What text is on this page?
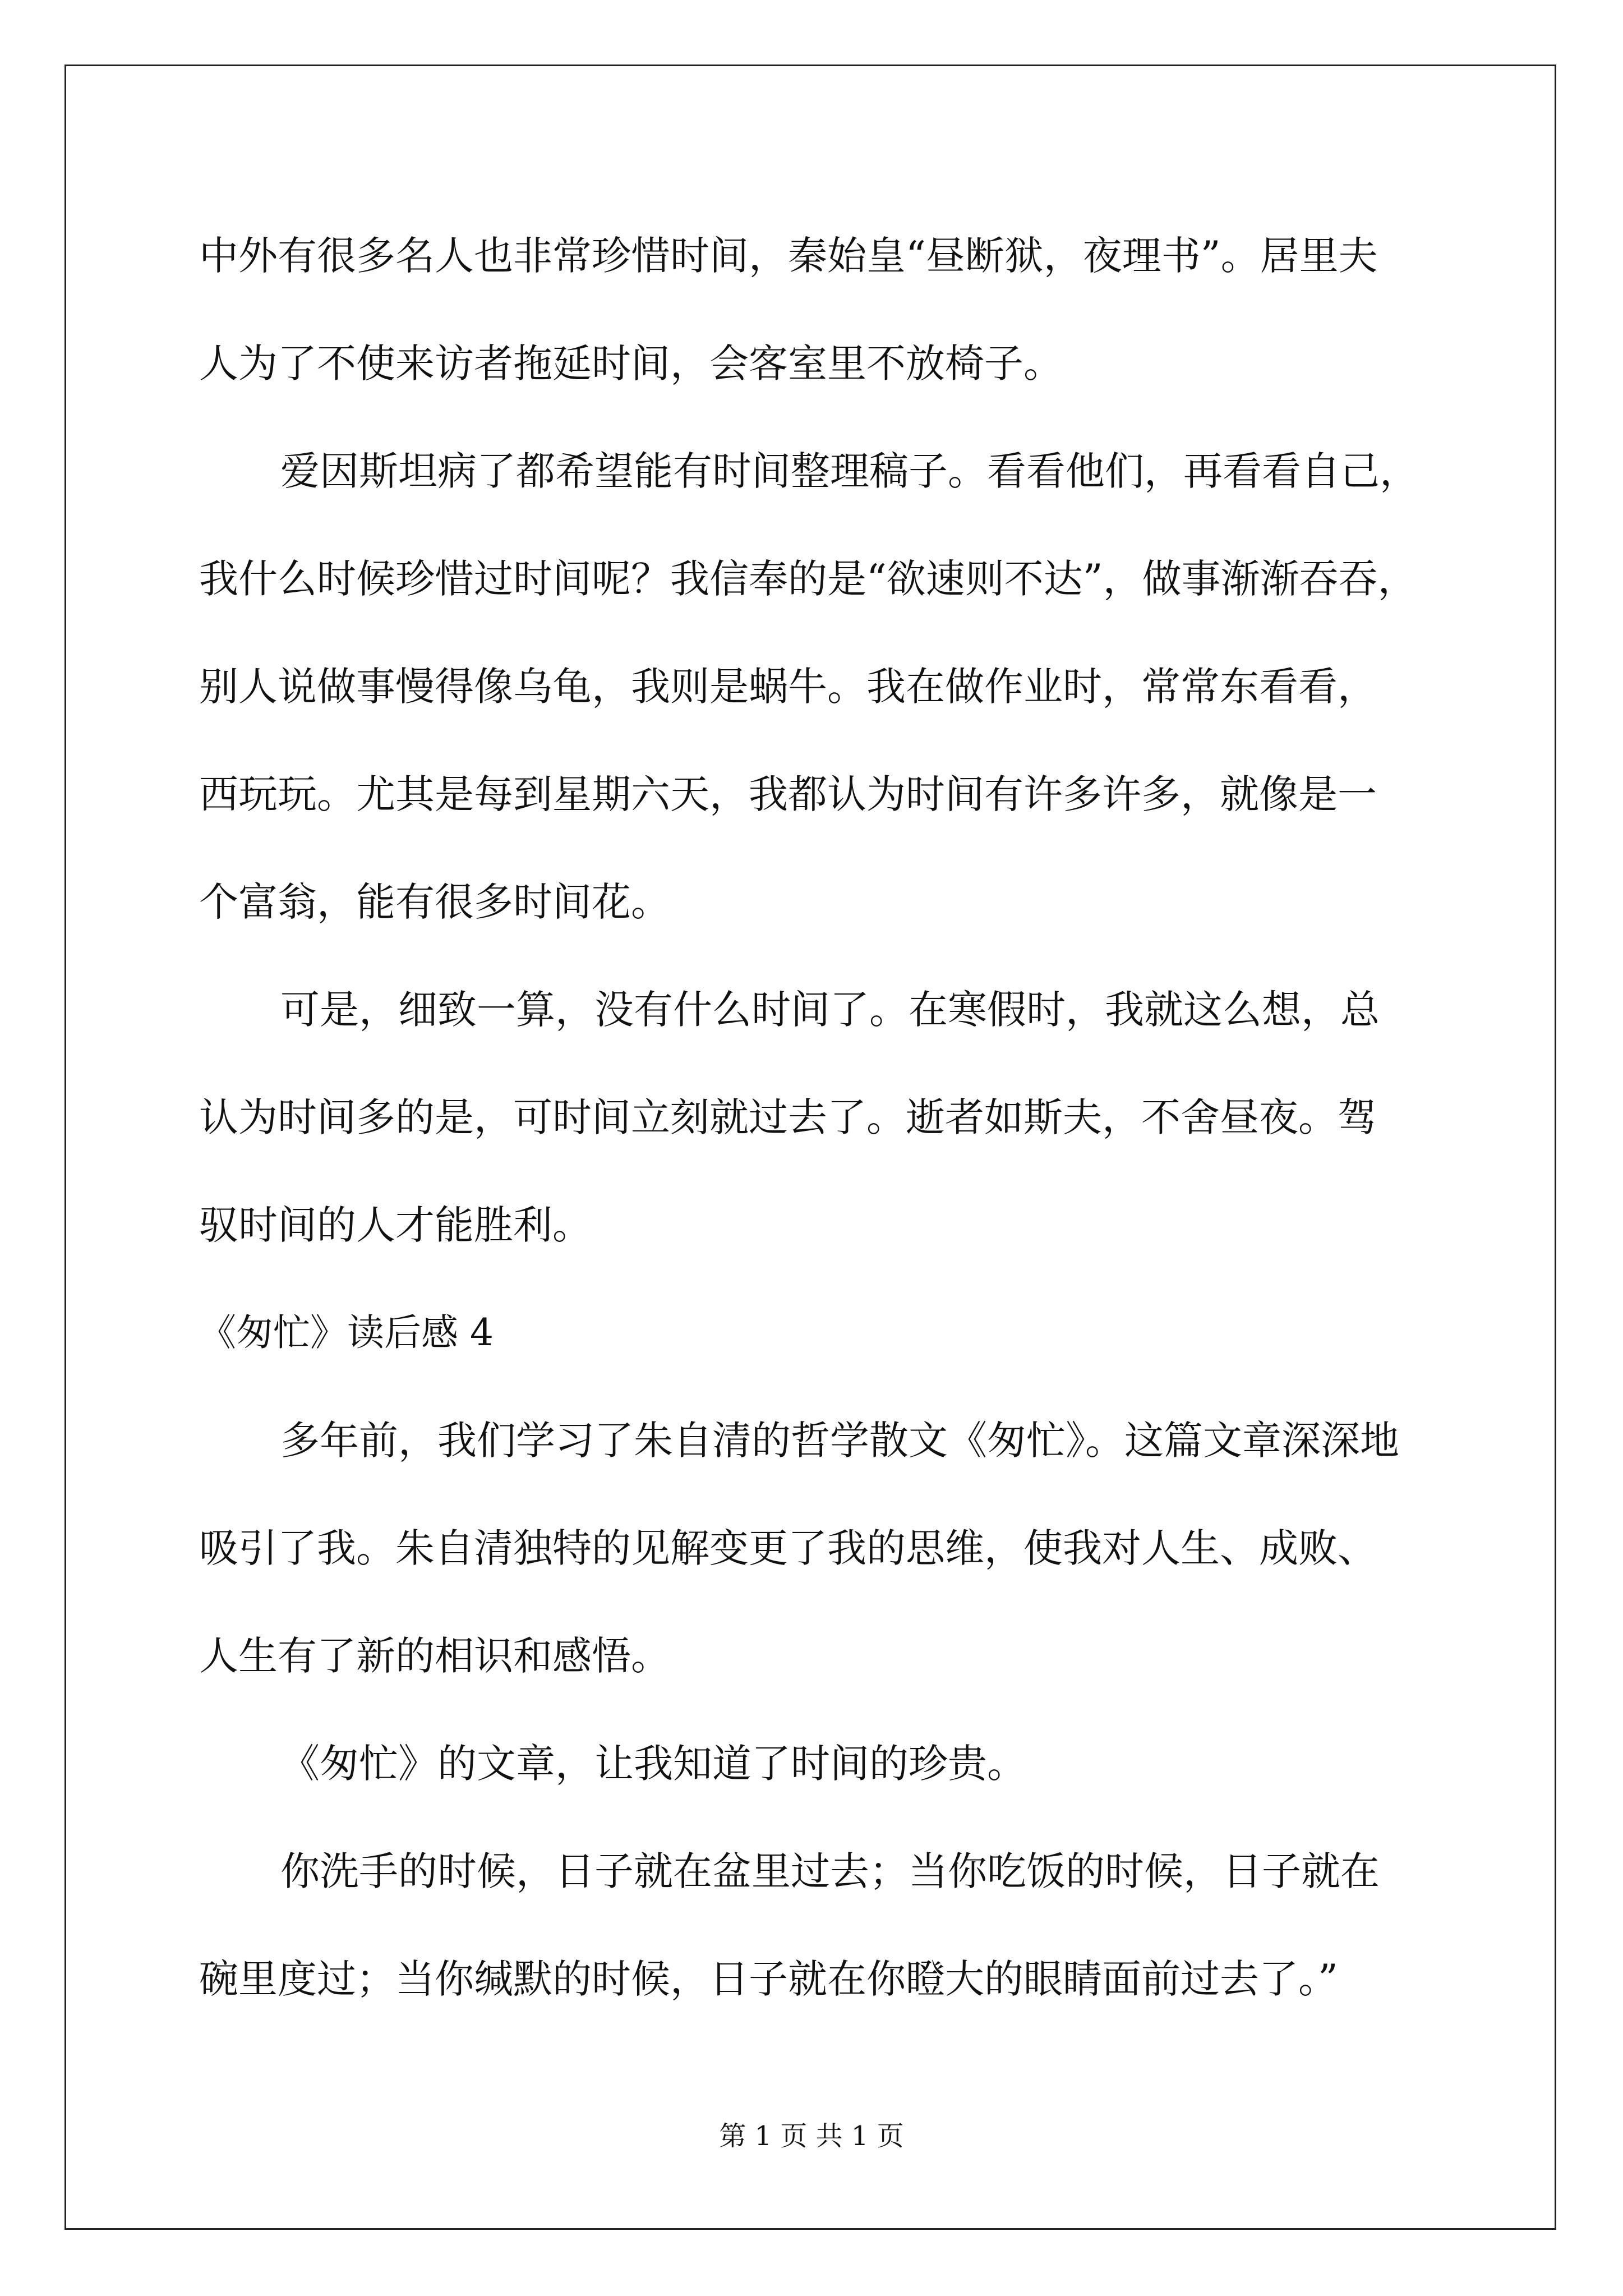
中外有很多名人也非常珍惜时间，秦始皇“昼断狱，夜理书”。居里夫
人为了不使来访者拖延时间，会客室里不放椅子。
爱因斯坦病了都希望能有时间整理稿子。看看他们，再看看自己，
我什么时候珍惜过时间呢？我信奉的是“欲速则不达”，做事渐渐吞吞，
别人说做事慢得像乌龟，我则是蜗牛。我在做作业时，常常东看看，
西玩玩。尤其是每到星期六天，我都认为时间有许多许多，就像是一
个富翁，能有很多时间花。
可是，细致一算，没有什么时间了。在寒假时，我就这么想，总
认为时间多的是，可时间立刻就过去了。逝者如斯夫，不舍昼夜。驾
驭时间的人才能胜利。
《匆忙》读后感 4
多年前，我们学习了朱自清的哲学散文《匆忙》。这篇文章深深地
吸引了我。朱自清独特的见解变更了我的思维，使我对人生、成败、
人生有了新的相识和感悟。
《匆忙》的文章，让我知道了时间的珍贵。
你洗手的时候，日子就在盆里过去；当你吃饭的时候，日子就在
碗里度过；当你缄默的时候，日子就在你瞪大的眼睛面前过去了。”
第 1 页 共 1 页
